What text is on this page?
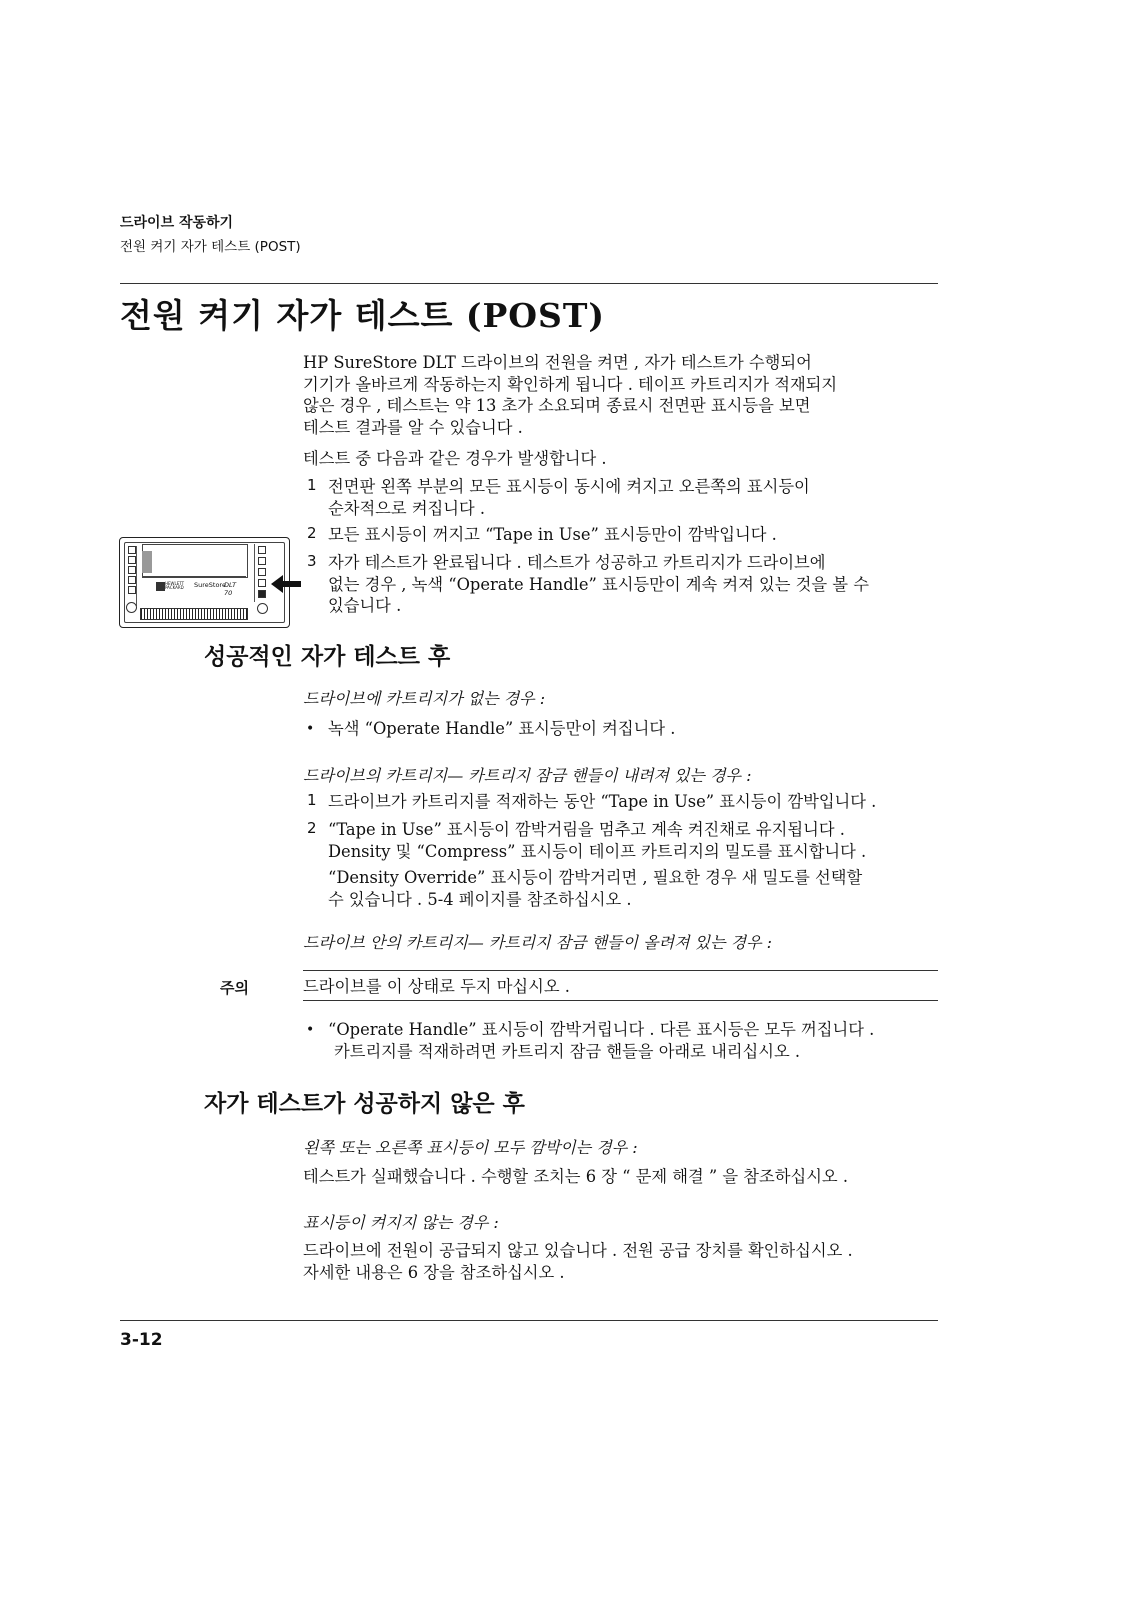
드라이브 작동하기
전원 켜기 자가 테스트 (POST)
전원 켜기 자가 테스트 (POST)
HP SureStore DLT 드라이브의 전원을 켜면 , 자가 테스트가 수행되어
기기가 올바르게 작동하는지 확인하게 됩니다 . 테이프 카트리지가 적재되지
않은 경우 , 테스트는 약 13 초가 소요되며 종료시 전면판 표시등을 보면
테스트 결과를 알 수 있습니다 .
테스트 중 다음과 같은 경우가 발생합니다 .
1 전면판 왼쪽 부분의 모든 표시등이 동시에 켜지고 오른쪽의 표시등이
순차적으로 켜집니다 .
2 모든 표시등이 꺼지고 “Tape in Use” 표시등만이 깜박입니다 .
3 자가 테스트가 완료됩니다 . 테스트가 성공하고 카트리지가 드라이브에
없는 경우 , 녹색 “Operate Handle” 표시등만이 계속 켜져 있는 것을 볼 수
있습니다 .
HEWLETT PACKARD	SureStore
DLT 70
성공적인 자가 테스트 후
드라이브에 카트리지가 없는 경우 :
• 녹색 “Operate Handle” 표시등만이 켜집니다 .
드라이브의 카트리지— 카트리지 잠금 핸들이 내려져 있는 경우 :
1 드라이브가 카트리지를 적재하는 동안 “Tape in Use” 표시등이 깜박입니다 .
2 “Tape in Use” 표시등이 깜박거림을 멈추고 계속 켜진채로 유지됩니다 .
Density 및 “Compress” 표시등이 테이프 카트리지의 밀도를 표시합니다 .
“Density Override” 표시등이 깜박거리면 , 필요한 경우 새 밀도를 선택할
수 있습니다 . 5-4 페이지를 참조하십시오 .
드라이브 안의 카트리지— 카트리지 잠금 핸들이 올려져 있는 경우 :
주의	드라이브를 이 상태로 두지 마십시오 .
• “Operate Handle” 표시등이 깜박거립니다 . 다른 표시등은 모두 꺼집니다 .
카트리지를 적재하려면 카트리지 잠금 핸들을 아래로 내리십시오 .
자가 테스트가 성공하지 않은 후
왼쪽 또는 오른쪽 표시등이 모두 깜박이는 경우 :
테스트가 실패했습니다 . 수행할 조치는 6 장 “ 문제 해결 ” 을 참조하십시오 .
표시등이 켜지지 않는 경우 :
드라이브에 전원이 공급되지 않고 있습니다 . 전원 공급 장치를 확인하십시오 .
자세한 내용은 6 장을 참조하십시오 .
3-12
